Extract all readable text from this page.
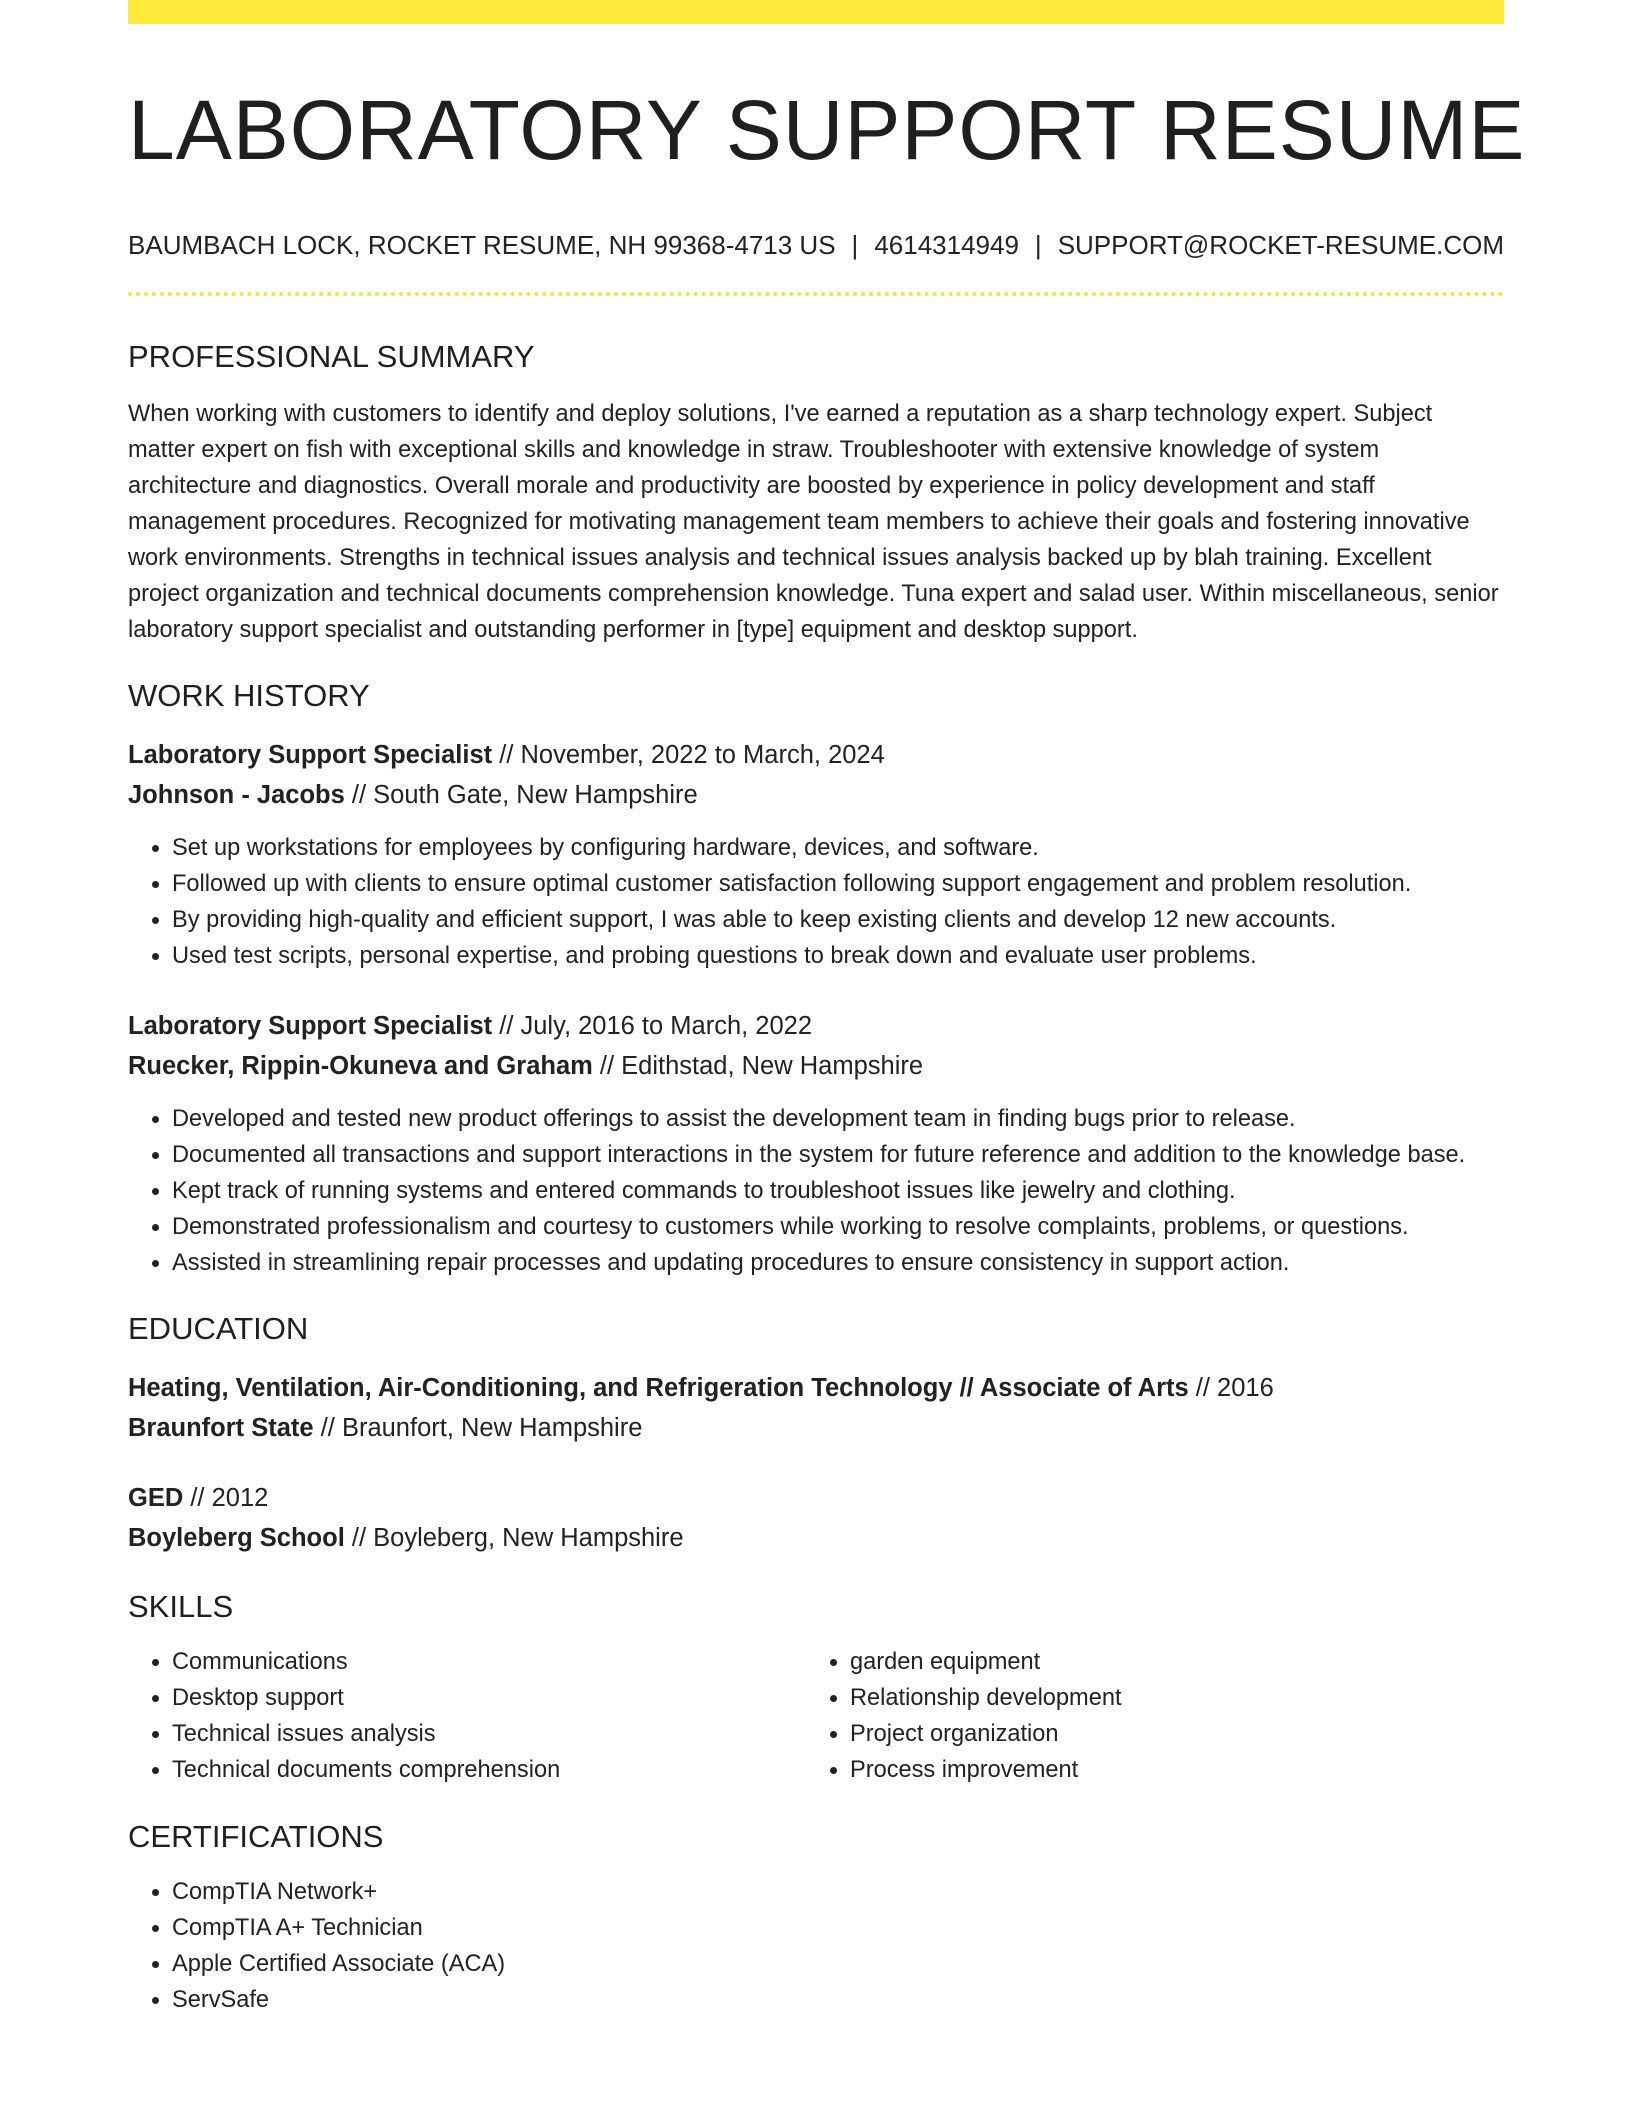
LABORATORY SUPPORT RESUME
BAUMBACH LOCK, ROCKET RESUME, NH 99368-4713 US | 4614314949 | SUPPORT@ROCKET-RESUME.COM
PROFESSIONAL SUMMARY

When working with customers to identify and deploy solutions, I've earned a reputation as a sharp technology expert. Subject matter expert on fish with exceptional skills and knowledge in straw. Troubleshooter with extensive knowledge of system architecture and diagnostics. Overall morale and productivity are boosted by experience in policy development and staff management procedures. Recognized for motivating management team members to achieve their goals and fostering innovative work environments. Strengths in technical issues analysis and technical issues analysis backed up by blah training. Excellent project organization and technical documents comprehension knowledge. Tuna expert and salad user. Within miscellaneous, senior laboratory support specialist and outstanding performer in [type] equipment and desktop support.

WORK HISTORY
Laboratory Support Specialist // November, 2022 to March, 2024
Johnson - Jacobs // South Gate, New Hampshire
• Set up workstations for employees by configuring hardware, devices, and software.
• Followed up with clients to ensure optimal customer satisfaction following support engagement and problem resolution.
• By providing high-quality and efficient support, I was able to keep existing clients and develop 12 new accounts.
• Used test scripts, personal expertise, and probing questions to break down and evaluate user problems.
Laboratory Support Specialist // July, 2016 to March, 2022
Ruecker, Rippin-Okuneva and Graham // Edithstad, New Hampshire
• Developed and tested new product offerings to assist the development team in finding bugs prior to release.
• Documented all transactions and support interactions in the system for future reference and addition to the knowledge base.
• Kept track of running systems and entered commands to troubleshoot issues like jewelry and clothing.
• Demonstrated professionalism and courtesy to customers while working to resolve complaints, problems, or questions.
• Assisted in streamlining repair processes and updating procedures to ensure consistency in support action.
EDUCATION
Heating, Ventilation, Air-Conditioning, and Refrigeration Technology // Associate of Arts // 2016
Braunfort State // Braunfort, New Hampshire
GED // 2012
Boyleberg School // Boyleberg, New Hampshire
SKILLS
• Communications
• Desktop support
• Technical issues analysis
• Technical documents comprehension
• garden equipment
• Relationship development
• Project organization
• Process improvement
CERTIFICATIONS
• CompTIA Network+
• CompTIA A+ Technician
• Apple Certified Associate (ACA)
• ServSafe
